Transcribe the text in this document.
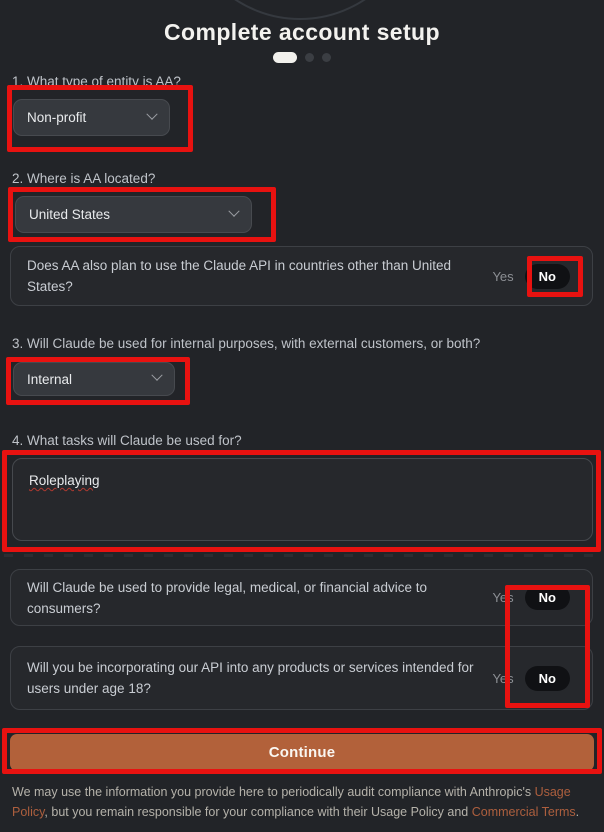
Complete account setup
1. What type of entity is AA?
Non-profit
2. Where is AA located?
United States
Does AA also plan to use the Claude API in countries other than United States?
Yes	No
3. Will Claude be used for internal purposes, with external customers, or both?
Internal
4. What tasks will Claude be used for?
Roleplaying
Will Claude be used to provide legal, medical, or financial advice to consumers?
Yes	No
Will you be incorporating our API into any products or services intended for users under age 18?
Yes	No
Continue

We may use the information you provide here to periodically audit compliance with Anthropic's Usage Policy, but you remain responsible for your compliance with their Usage Policy and Commercial Terms.
